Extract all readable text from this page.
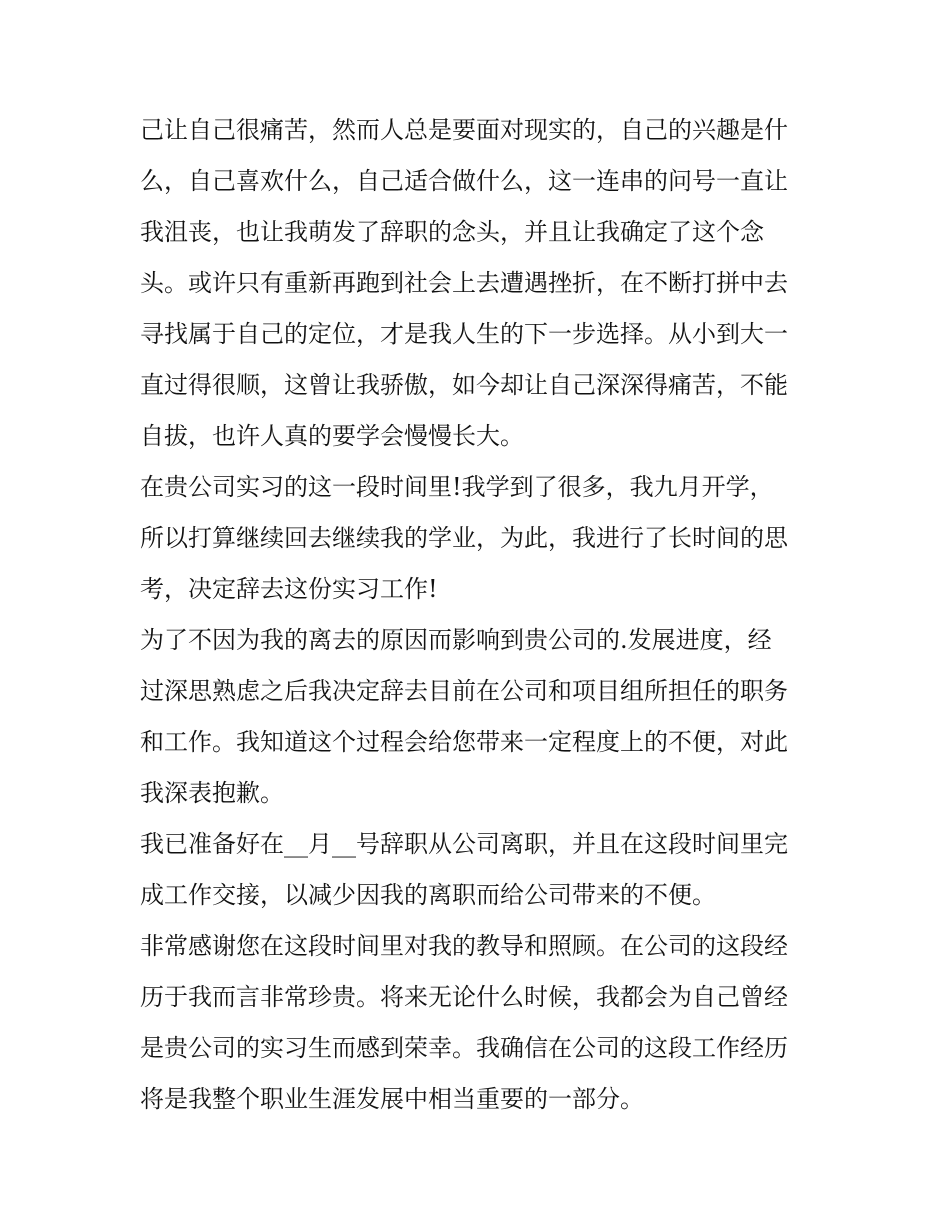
己让自己很痛苦，然而人总是要面对现实的，自己的兴趣是什
么，自己喜欢什么，自己适合做什么，这一连串的问号一直让
我沮丧，也让我萌发了辞职的念头，并且让我确定了这个念
头。或许只有重新再跑到社会上去遭遇挫折，在不断打拼中去
寻找属于自己的定位，才是我人生的下一步选择。从小到大一
直过得很顺，这曾让我骄傲，如今却让自己深深得痛苦，不能
自拔，也许人真的要学会慢慢长大。
在贵公司实习的这一段时间里!我学到了很多，我九月开学，
所以打算继续回去继续我的学业，为此，我进行了长时间的思
考，决定辞去这份实习工作!
为了不因为我的离去的原因而影响到贵公司的.发展进度，经
过深思熟虑之后我决定辞去目前在公司和项目组所担任的职务
和工作。我知道这个过程会给您带来一定程度上的不便，对此
我深表抱歉。
我已准备好在__月__号辞职从公司离职，并且在这段时间里完
成工作交接，以减少因我的离职而给公司带来的不便。
非常感谢您在这段时间里对我的教导和照顾。在公司的这段经
历于我而言非常珍贵。将来无论什么时候，我都会为自己曾经
是贵公司的实习生而感到荣幸。我确信在公司的这段工作经历
将是我整个职业生涯发展中相当重要的一部分。
